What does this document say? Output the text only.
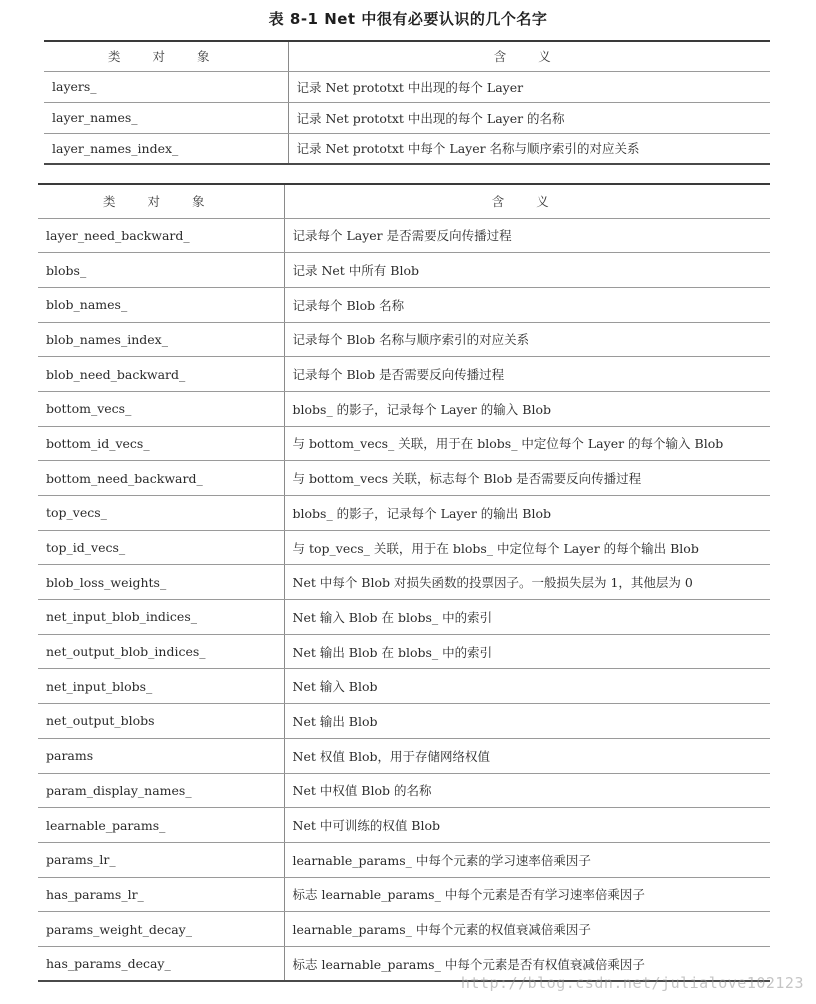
表 8-1 Net 中很有必要认识的几个名字
类 对 象	含 义
layers_	记录 Net prototxt 中出现的每个 Layer
layer_names_	记录 Net prototxt 中出现的每个 Layer 的名称
layer_names_index_	记录 Net prototxt 中每个 Layer 名称与顺序索引的对应关系
类 对 象	含 义
layer_need_backward_	记录每个 Layer 是否需要反向传播过程
blobs_	记录 Net 中所有 Blob
blob_names_	记录每个 Blob 名称
blob_names_index_	记录每个 Blob 名称与顺序索引的对应关系
blob_need_backward_	记录每个 Blob 是否需要反向传播过程
bottom_vecs_	blobs_ 的影子，记录每个 Layer 的输入 Blob
bottom_id_vecs_	与 bottom_vecs_ 关联，用于在 blobs_ 中定位每个 Layer 的每个输入 Blob
bottom_need_backward_	与 bottom_vecs 关联，标志每个 Blob 是否需要反向传播过程
top_vecs_	blobs_ 的影子，记录每个 Layer 的输出 Blob
top_id_vecs_	与 top_vecs_ 关联，用于在 blobs_ 中定位每个 Layer 的每个输出 Blob
blob_loss_weights_	Net 中每个 Blob 对损失函数的投票因子。一般损失层为 1，其他层为 0
net_input_blob_indices_	Net 输入 Blob 在 blobs_ 中的索引
net_output_blob_indices_	Net 输出 Blob 在 blobs_ 中的索引
net_input_blobs_	Net 输入 Blob
net_output_blobs	Net 输出 Blob
params	Net 权值 Blob，用于存储网络权值
param_display_names_	Net 中权值 Blob 的名称
learnable_params_	Net 中可训练的权值 Blob
params_lr_	learnable_params_ 中每个元素的学习速率倍乘因子
has_params_lr_	标志 learnable_params_ 中每个元素是否有学习速率倍乘因子
params_weight_decay_	learnable_params_ 中每个元素的权值衰减倍乘因子
has_params_decay_	标志 learnable_params_ 中每个元素是否有权值衰减倍乘因子
http://blog.csdn.net/julialove102123
